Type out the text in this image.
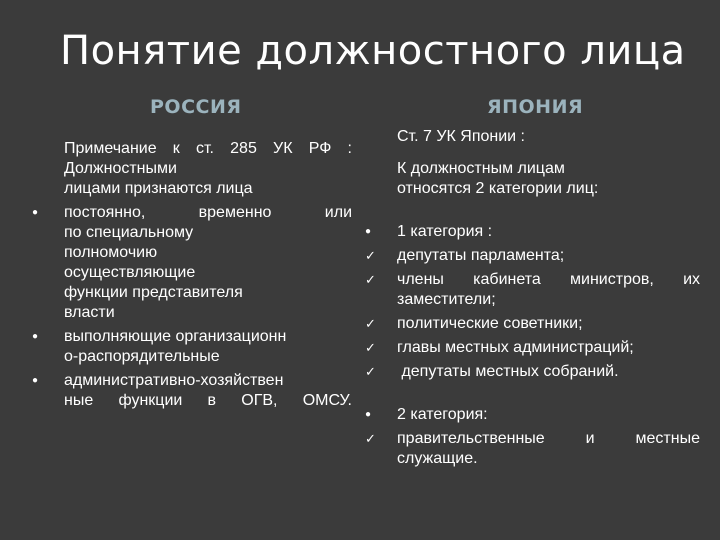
Понятие должностного лица
РОССИЯ	ЯПОНИЯ
Примечание к ст. 285 УК РФ :
Должностными
лицами признаются лица
● постоянно, временно или
по специальному
полномочию
осуществляющие
функции представителя
власти
● выполняющие организационн
о-распорядительные
● административно-хозяйствен
ные функции в ОГВ, ОМСУ.
Ст. 7 УК Японии :
К должностным лицам
относятся 2 категории лиц:
● 1 категория :
✓ депутаты парламента;
✓ члены кабинета министров, их
заместители;
✓ политические советники;
✓ главы местных администраций;
✓ депутаты местных собраний.
● 2 категория:
✓ правительственные и местные
служащие.
